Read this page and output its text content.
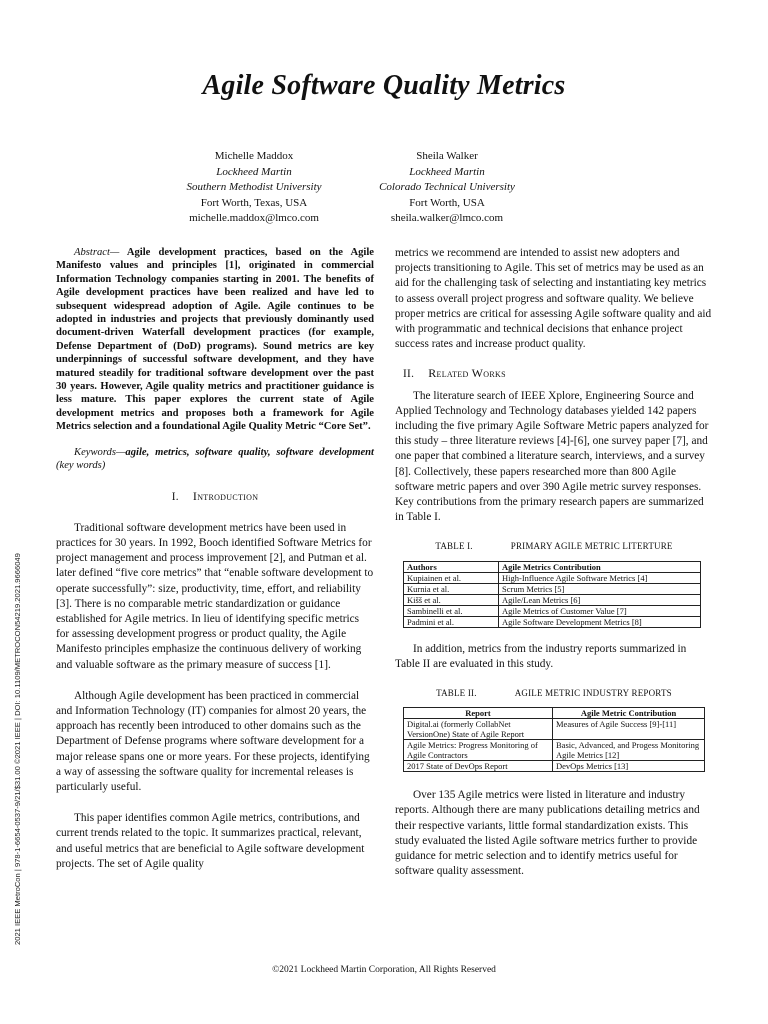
2021 IEEE MetroCon | 978-1-6654-0537-9/21/$31.00 ©2021 IEEE | DOI: 10.1109/METROCON54219.2021.9666049
Agile Software Quality Metrics
Michelle Maddox
Lockheed Martin
Southern Methodist University
Fort Worth, Texas, USA
michelle.maddox@lmco.com
Sheila Walker
Lockheed Martin
Colorado Technical University
Fort Worth, USA
sheila.walker@lmco.com

Abstract— Agile development practices, based on the Agile Manifesto values and principles [1], originated in commercial Information Technology companies starting in 2001. The benefits of Agile development practices have been realized and have led to subsequent widespread adoption of Agile. Agile continues to be adopted in industries and projects that previously dominantly used document-driven Waterfall development practices (for example, Defense Department of (DoD) programs). Sound metrics are key underpinnings of successful software development, and they have matured steadily for traditional software development over the past 30 years. However, Agile quality metrics and practitioner guidance is less mature. This paper explores the current state of Agile development metrics and proposes both a framework for Agile Metrics selection and a foundational Agile Quality Metric “Core Set”.

Keywords—agile, metrics, software quality, software development (key words)

I. Introduction

Traditional software development metrics have been used in practices for 30 years. In 1992, Booch identified Software Metrics for project management and process improvement [2], and Putman et al. later defined “five core metrics” that “enable software development to operate successfully”: size, productivity, time, effort, and reliability [3]. There is no comparable metric standardization or guidance established for Agile metrics. In lieu of identifying specific metrics for assessing development progress or product quality, the Agile Manifesto principles emphasize the continuous delivery of working and valuable software as the primary measure of success [1].

Although Agile development has been practiced in commercial and Information Technology (IT) companies for almost 20 years, the approach has recently been introduced to other domains such as the Department of Defense programs where software development for a major release spans one or more years. For these projects, identifying a way of assessing the software quality for incremental releases is particularly useful.

This paper identifies common Agile metrics, contributions, and current trends related to the topic. It summarizes practical, relevant, and useful metrics that are beneficial to Agile software development projects. The set of Agile quality

metrics we recommend are intended to assist new adopters and projects transitioning to Agile. This set of metrics may be used as an aid for the challenging task of selecting and instantiating key metrics to assess overall project progress and software quality. We believe proper metrics are critical for assessing Agile software quality and aid with programmatic and technical decisions that enhance project success rates and increase product quality.

II. Related Works

The literature search of IEEE Xplore, Engineering Source and Applied Technology and Technology databases yielded 142 papers including the five primary Agile Software Metric papers analyzed for this study – three literature reviews [4]-[6], one survey paper [7], and one paper that combined a literature search, interviews, and a survey [8]. Collectively, these papers researched more than 800 Agile software metric papers and over 390 Agile metric survey responses. Key contributions from the primary research papers are summarized in Table I.

TABLE I.	PRIMARY AGILE METRIC LITERTURE
Authors	Agile Metrics Contribution
Kupiainen et al.	High-Influence Agile Software Metrics [4]
Kurnia et al.	Scrum Metrics [5]
Kišš et al.	Agile/Lean Metrics [6]
Sambinelli et al.	Agile Metrics of Customer Value [7]
Padmini et al.	Agile Software Development Metrics [8]

In addition, metrics from the industry reports summarized in Table II are evaluated in this study.

TABLE II.	AGILE METRIC INDUSTRY REPORTS
Report	Agile Metric Contribution
Digital.ai (formerly CollabNet VersionOne) State of Agile Report	Measures of Agile Success [9]-[11]
Agile Metrics: Progress Monitoring of Agile Contractors	Basic, Advanced, and Progess Monitoring Agile Metrics [12]
2017 State of DevOps Report	DevOps Metrics [13]

Over 135 Agile metrics were listed in literature and industry reports. Although there are many publications detailing metrics and their respective variants, little formal standardization exists. This study evaluated the listed Agile software metrics further to provide guidance for metric selection and to identify metrics useful for software quality assessment.

©2021 Lockheed Martin Corporation, All Rights Reserved
